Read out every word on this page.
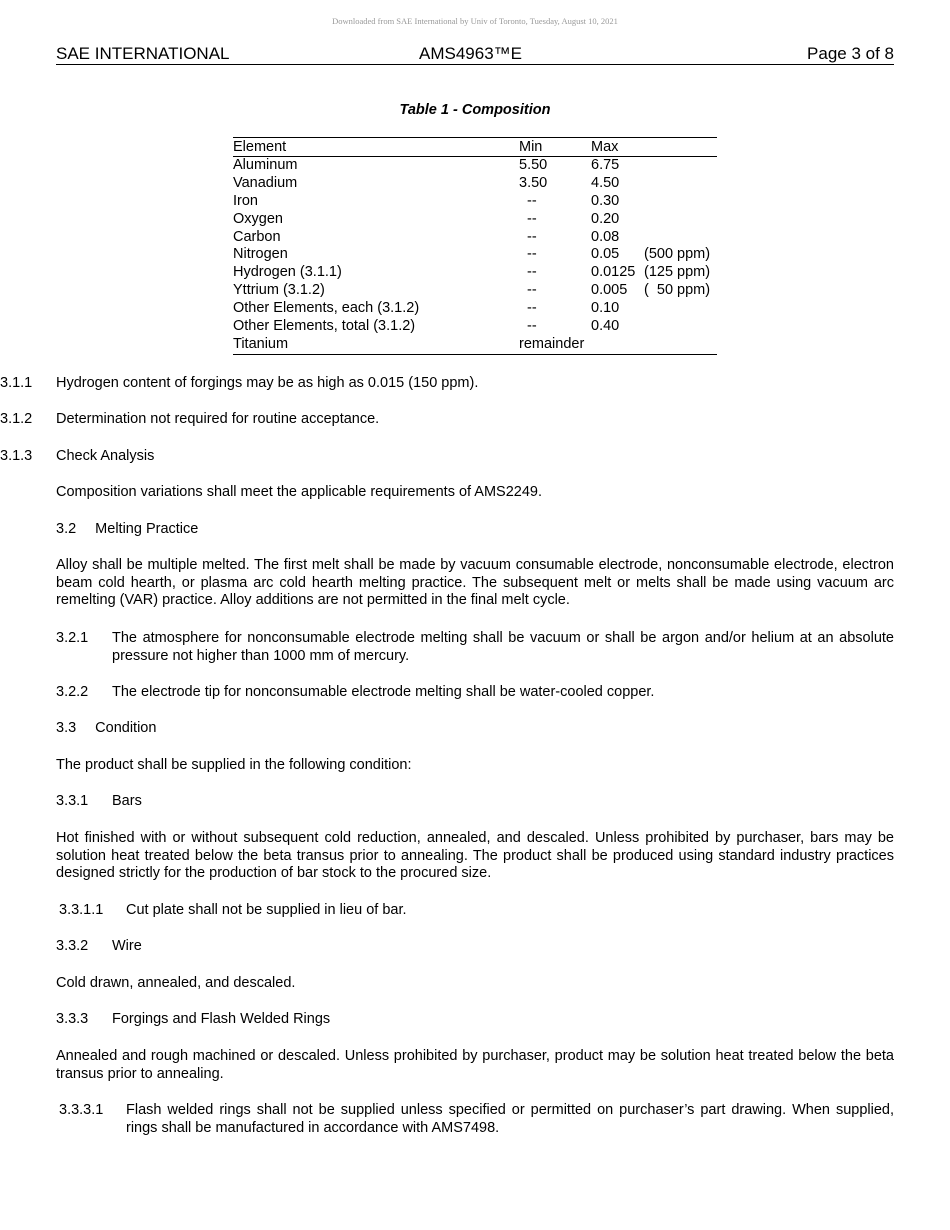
Downloaded from SAE International by Univ of Toronto, Tuesday, August 10, 2021
SAE INTERNATIONAL	AMS4963™E	Page 3 of 8
Table 1 - Composition
Element	Min	Max
Aluminum	5.50	6.75
Vanadium	3.50	4.50
Iron	--	0.30
Oxygen	--	0.20
Carbon	--	0.08
Nitrogen	--	0.05 (500 ppm)
Hydrogen (3.1.1)	--	0.0125 (125 ppm)
Yttrium (3.1.2)	--	0.005 (  50 ppm)
Other Elements, each (3.1.2)	--	0.10
Other Elements, total (3.1.2)	--	0.40
Titanium	remainder
3.1.1 Hydrogen content of forgings may be as high as 0.015 (150 ppm).
3.1.2 Determination not required for routine acceptance.
3.1.3 Check Analysis
Composition variations shall meet the applicable requirements of AMS2249.
3.2 Melting Practice
Alloy shall be multiple melted. The first melt shall be made by vacuum consumable electrode, nonconsumable electrode, electron beam cold hearth, or plasma arc cold hearth melting practice. The subsequent melt or melts shall be made using vacuum arc remelting (VAR) practice. Alloy additions are not permitted in the final melt cycle.
3.2.1 The atmosphere for nonconsumable electrode melting shall be vacuum or shall be argon and/or helium at an absolute pressure not higher than 1000 mm of mercury.
3.2.2 The electrode tip for nonconsumable electrode melting shall be water-cooled copper.
3.3 Condition
The product shall be supplied in the following condition:
3.3.1 Bars
Hot finished with or without subsequent cold reduction, annealed, and descaled. Unless prohibited by purchaser, bars may be solution heat treated below the beta transus prior to annealing. The product shall be produced using standard industry practices designed strictly for the production of bar stock to the procured size.
3.3.1.1 Cut plate shall not be supplied in lieu of bar.
3.3.2 Wire
Cold drawn, annealed, and descaled.
3.3.3 Forgings and Flash Welded Rings
Annealed and rough machined or descaled. Unless prohibited by purchaser, product may be solution heat treated below the beta transus prior to annealing.
3.3.3.1 Flash welded rings shall not be supplied unless specified or permitted on purchaser’s part drawing. When supplied, rings shall be manufactured in accordance with AMS7498.
